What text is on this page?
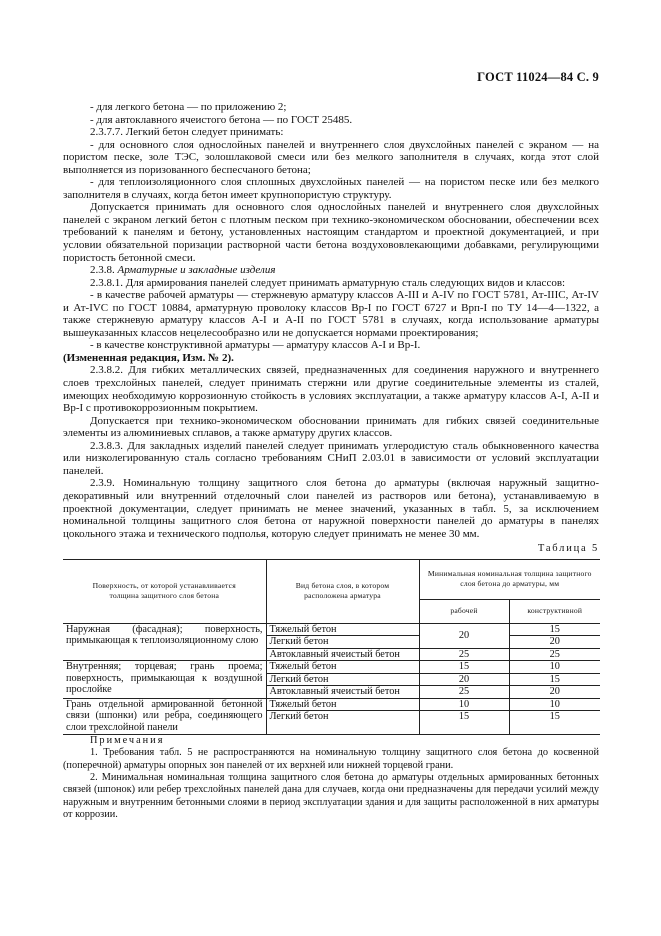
ГОСТ 11024—84 С. 9

- для легкого бетона — по приложению 2;

- для автоклавного ячеистого бетона — по ГОСТ 25485.

2.3.7.7. Легкий бетон следует принимать:

- для основного слоя однослойных панелей и внутреннего слоя двухслойных панелей с экраном — на пористом песке, золе ТЭС, золошлаковой смеси или без мелкого заполнителя в случаях, когда этот слой выполняется из поризованного беспесчаного бетона;

- для теплоизоляционного слоя сплошных двухслойных панелей — на пористом песке или без мелкого заполнителя в случаях, когда бетон имеет крупнопористую структуру.

Допускается принимать для основного слоя однослойных панелей и внутреннего слоя двухслойных панелей с экраном легкий бетон с плотным песком при технико-экономическом обосновании, обеспечении всех требований к панелям и бетону, установленных настоящим стандартом и проектной документацией, и при условии обязательной поризации растворной части бетона воздухововлекающими добавками, регулирующими пористость бетонной смеси.

2.3.8. Арматурные и закладные изделия

2.3.8.1. Для армирования панелей следует принимать арматурную сталь следующих видов и классов:

- в качестве рабочей арматуры — стержневую арматуру классов А-III и А-IV по ГОСТ 5781, Ат-IIIС, Ат-IV и Ат-IVС по ГОСТ 10884, арматурную проволоку классов Вр-I по ГОСТ 6727 и Врп-I по ТУ 14—4—1322, а также стержневую арматуру классов А-I и А-II по ГОСТ 5781 в случаях, когда использование арматуры вышеуказанных классов нецелесообразно или не допускается нормами проектирования;

- в качестве конструктивной арматуры — арматуру классов А-I и Вр-I.

(Измененная редакция, Изм. № 2).

2.3.8.2. Для гибких металлических связей, предназначенных для соединения наружного и внутреннего слоев трехслойных панелей, следует принимать стержни или другие соединительные элементы из сталей, имеющих необходимую коррозионную стойкость в условиях эксплуатации, а также арматуру классов А-I, А-II и Вр-I с противокоррозионным покрытием.

Допускается при технико-экономическом обосновании принимать для гибких связей соединительные элементы из алюминиевых сплавов, а также арматуру других классов.

2.3.8.3. Для закладных изделий панелей следует принимать углеродистую сталь обыкновенного качества или низколегированную сталь согласно требованиям СНиП 2.03.01 в зависимости от условий эксплуатации панелей.

2.3.9. Номинальную толщину защитного слоя бетона до арматуры (включая наружный защитно-декоративный или внутренний отделочный слои панелей из растворов или бетона), устанавливаемую в проектной документации, следует принимать не менее значений, указанных в табл. 5, за исключением номинальной толщины защитного слоя бетона от наружной поверхности панелей до арматуры в панелях цокольного этажа и технического подполья, которую следует принимать не менее 30 мм.

Таблица 5
Поверхность, от которой устанавливается толщина защитного слоя бетона	Вид бетона слоя, в котором расположена арматура	Минимальная номинальная толщина защитного слоя бетона до арматуры, мм	
		рабочей	конструктивной
Наружная (фасадная); поверхность, примыкающая к теплоизоляционному слою	Тяжелый бетон	20	15
	Легкий бетон		20
	Автоклавный ячеистый бетон	25	25
Внутренняя; торцевая; грань проема; поверхность, примыкающая к воздушной прослойке	Тяжелый бетон	15	10
	Легкий бетон	20	15
	Автоклавный ячеистый бетон	25	20
Грань отдельной армированной бетонной связи (шпонки) или ребра, соединяющего слои трехслойной панели	Тяжелый бетон	10	10
	Легкий бетон	15	15

Примечания

1. Требования табл. 5 не распространяются на номинальную толщину защитного слоя бетона до косвенной (поперечной) арматуры опорных зон панелей от их верхней или нижней торцевой грани.

2. Минимальная номинальная толщина защитного слоя бетона до арматуры отдельных армированных бетонных связей (шпонок) или ребер трехслойных панелей дана для случаев, когда они предназначены для передачи усилий между наружным и внутренним бетонными слоями в период эксплуатации здания и для защиты расположенной в них арматуры от коррозии.
